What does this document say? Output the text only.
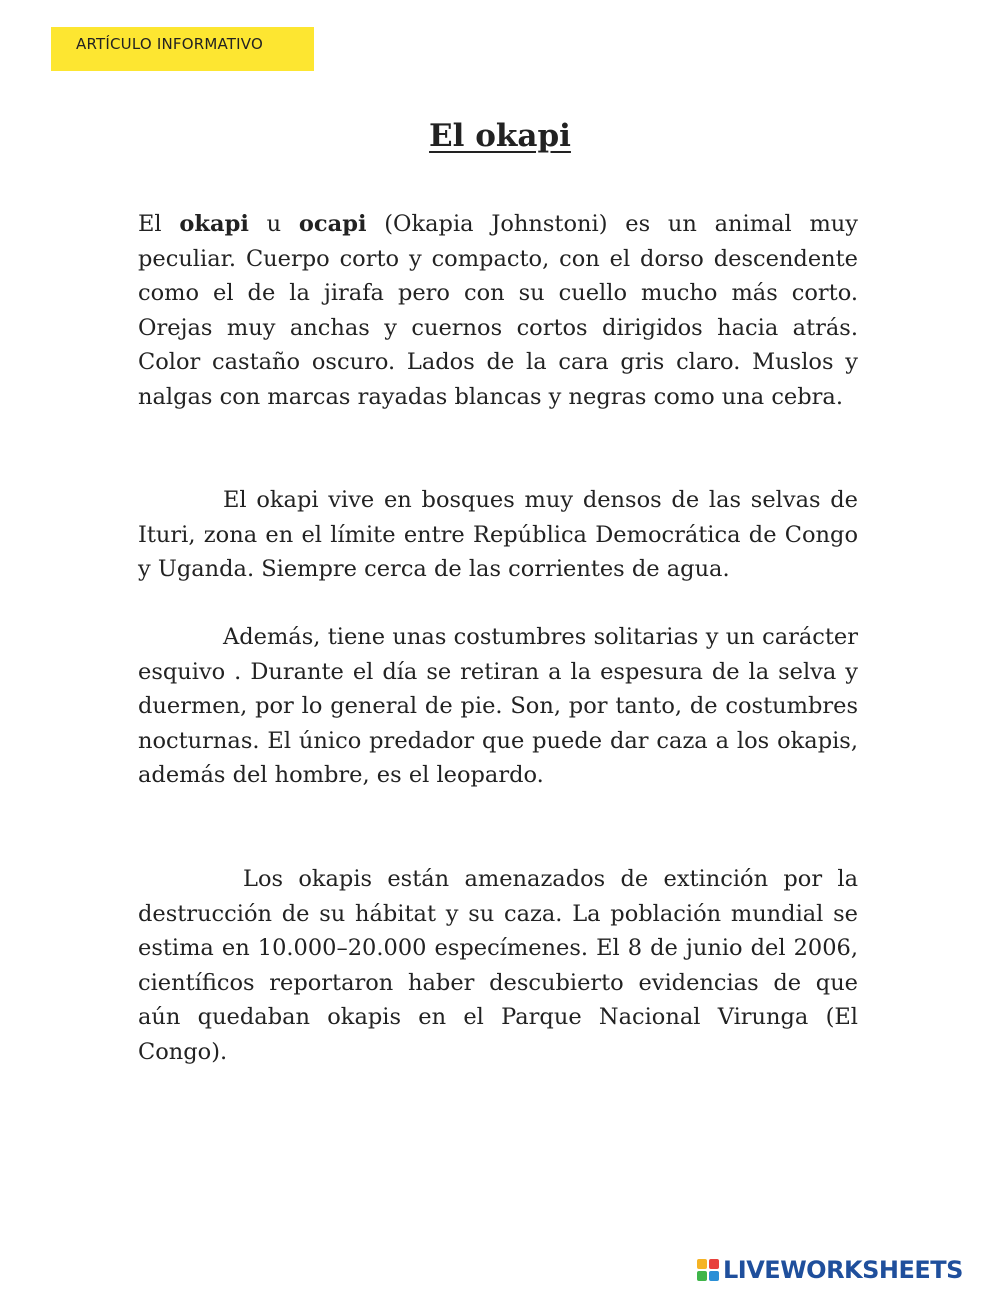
ARTÍCULO INFORMATIVO
El okapi

El okapi u ocapi (Okapia Johnstoni) es un animal muy peculiar. Cuerpo corto y compacto, con el dorso descendente como el de la jirafa pero con su cuello mucho más corto. Orejas muy anchas y cuernos cortos dirigidos hacia atrás. Color castaño oscuro. Lados de la cara gris claro. Muslos y nalgas con marcas rayadas blancas y negras como una cebra.

El okapi vive en bosques muy densos de las selvas de Ituri, zona en el límite entre República Democrática de Congo y Uganda. Siempre cerca de las corrientes de agua.

Además, tiene unas costumbres solitarias y un carácter esquivo . Durante el día se retiran a la espesura de la selva y duermen, por lo general de pie. Son, por tanto, de costumbres nocturnas. El único predador que puede dar caza a los okapis, además del hombre, es el leopardo.

Los okapis están amenazados de extinción por la destrucción de su hábitat y su caza. La población mundial se estima en 10.000–20.000 especímenes. El 8 de junio del 2006, científicos reportaron haber descubierto evidencias de que aún quedaban okapis en el Parque Nacional Virunga (El Congo).

LIVEWORKSHEETS
